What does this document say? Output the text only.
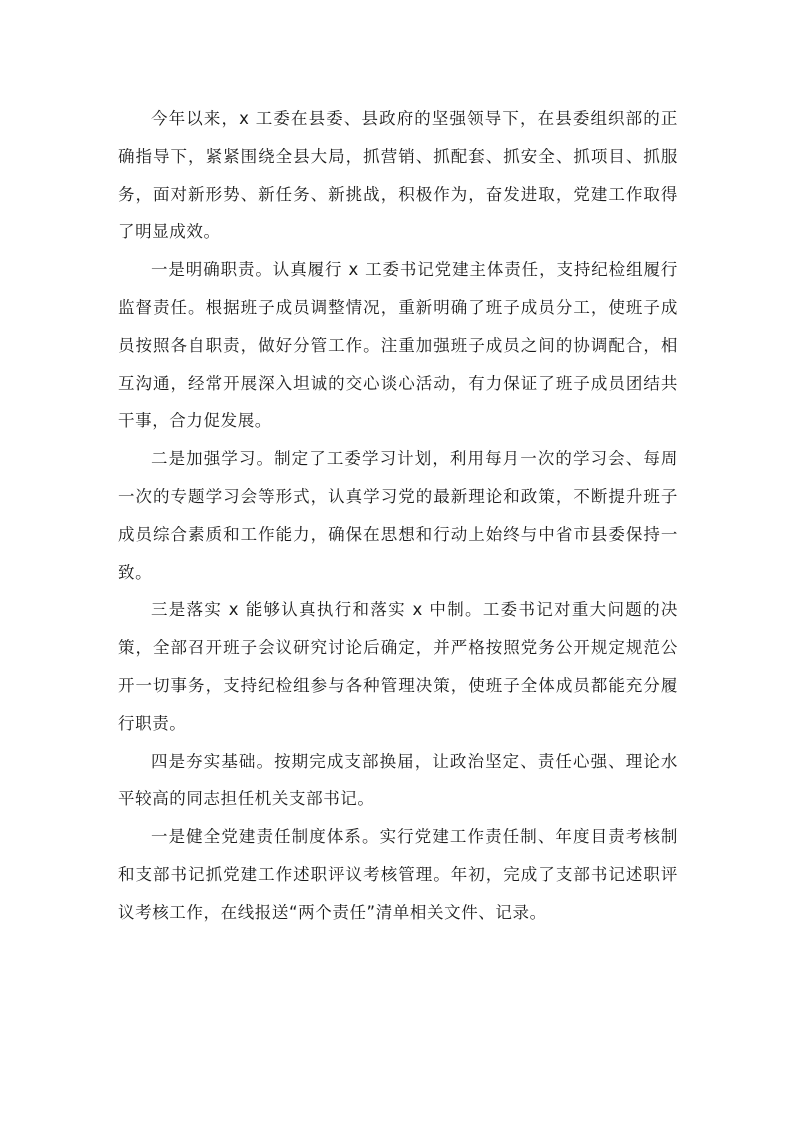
今年以来，x 工委在县委、县政府的坚强领导下，在县委组织部的正确指导下，紧紧围绕全县大局，抓营销、抓配套、抓安全、抓项目、抓服务，面对新形势、新任务、新挑战，积极作为，奋发进取，党建工作取得了明显成效。

一是明确职责。认真履行 x 工委书记党建主体责任，支持纪检组履行监督责任。根据班子成员调整情况，重新明确了班子成员分工，使班子成员按照各自职责，做好分管工作。注重加强班子成员之间的协调配合，相互沟通，经常开展深入坦诚的交心谈心活动，有力保证了班子成员团结共干事，合力促发展。

二是加强学习。制定了工委学习计划，利用每月一次的学习会、每周一次的专题学习会等形式，认真学习党的最新理论和政策，不断提升班子成员综合素质和工作能力，确保在思想和行动上始终与中省市县委保持一致。

三是落实 x 能够认真执行和落实 x 中制。工委书记对重大问题的决策，全部召开班子会议研究讨论后确定，并严格按照党务公开规定规范公开一切事务，支持纪检组参与各种管理决策，使班子全体成员都能充分履行职责。

四是夯实基础。按期完成支部换届，让政治坚定、责任心强、理论水平较高的同志担任机关支部书记。

一是健全党建责任制度体系。实行党建工作责任制、年度目责考核制和支部书记抓党建工作述职评议考核管理。年初，完成了支部书记述职评议考核工作，在线报送“两个责任”清单相关文件、记录。
